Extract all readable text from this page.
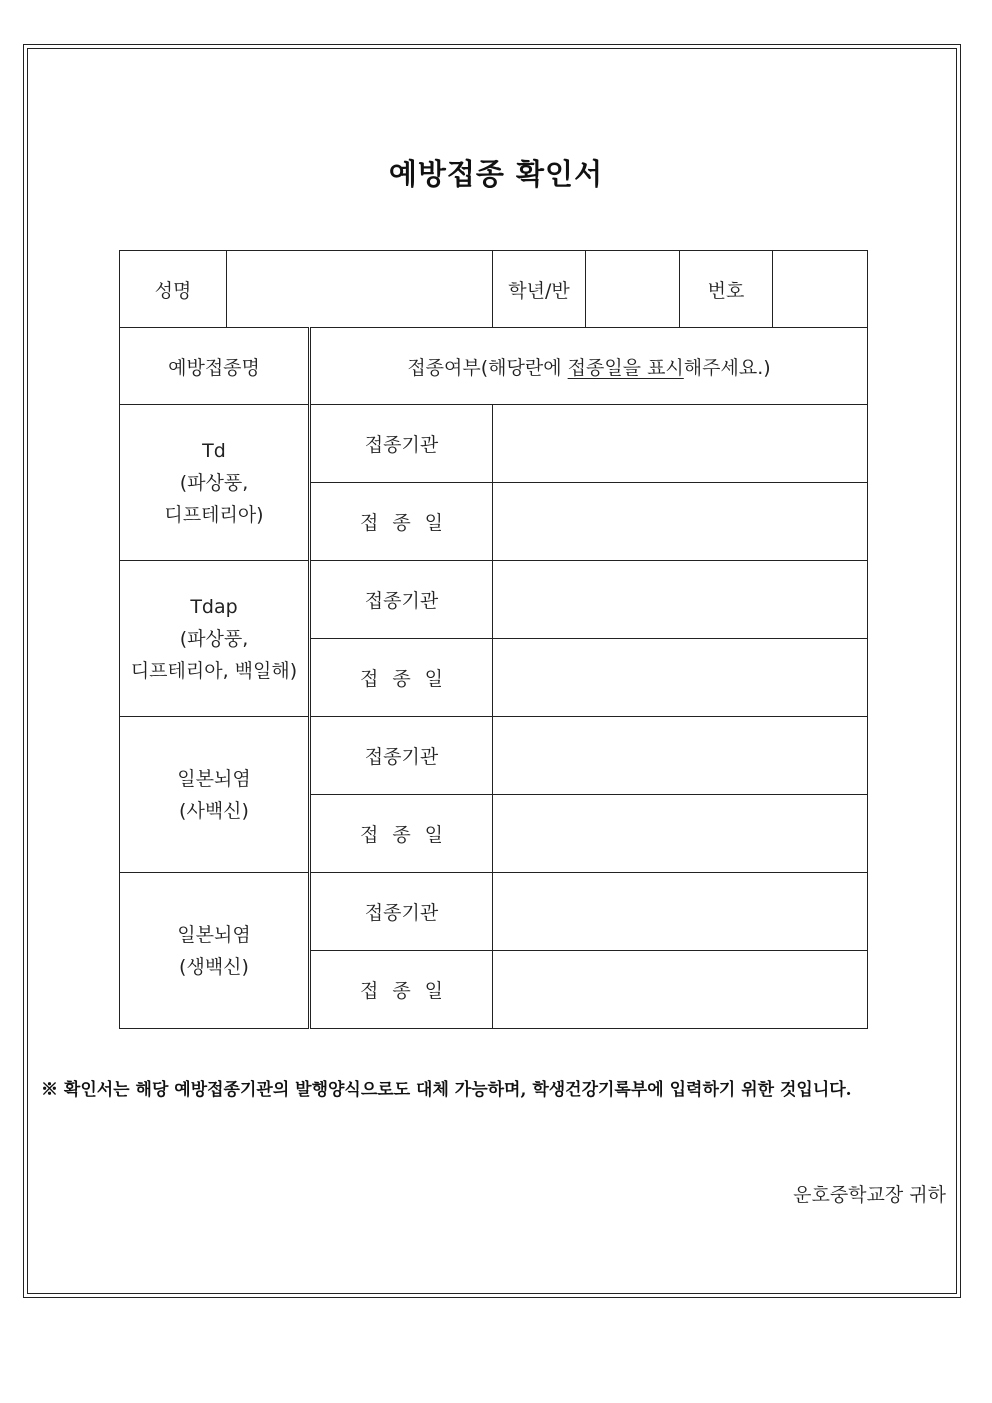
예방접종 확인서
성명			학년/반		번호	
예방접종명		접종여부(해당란에 접종일을 표시해주세요.)				

Td
(파상풍,
디프테리아)		접종기관				
		접종일				

Tdap
(파상풍,
디프테리아, 백일해)		접종기관				
		접종일				

일본뇌염
(사백신)		접종기관				
		접종일				

일본뇌염
(생백신)		접종기관				
		접종일				
※ 확인서는 해당 예방접종기관의 발행양식으로도 대체 가능하며, 학생건강기록부에 입력하기 위한 것입니다.
운호중학교장 귀하
